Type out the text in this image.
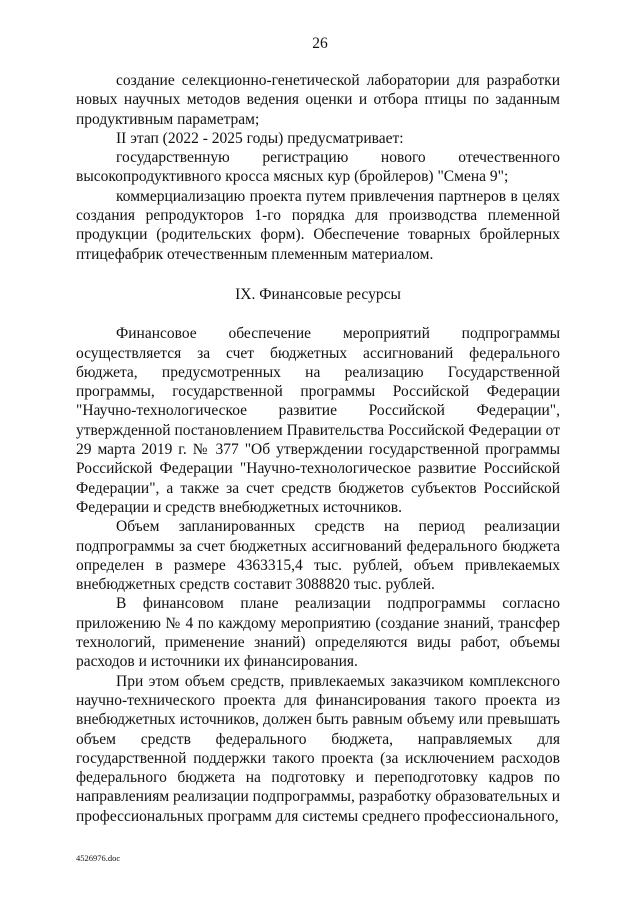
26

создание селекционно-генетической лаборатории для разработки новых научных методов ведения оценки и отбора птицы по заданным продуктивным параметрам;

II этап (2022 - 2025 годы) предусматривает:

государственную регистрацию нового отечественного высокопродуктивного кросса мясных кур (бройлеров) "Смена 9";

коммерциализацию проекта путем привлечения партнеров в целях создания репродукторов 1-го порядка для производства племенной продукции (родительских форм). Обеспечение товарных бройлерных птицефабрик отечественным племенным материалом.

IX. Финансовые ресурсы

Финансовое обеспечение мероприятий подпрограммы осуществляется за счет бюджетных ассигнований федерального бюджета, предусмотренных на реализацию Государственной программы, государственной программы Российской Федерации "Научно-технологическое развитие Российской Федерации", утвержденной постановлением Правительства Российской Федерации от 29 марта 2019 г. № 377 "Об утверждении государственной программы Российской Федерации "Научно-технологическое развитие Российской Федерации", а также за счет средств бюджетов субъектов Российской Федерации и средств внебюджетных источников.

Объем запланированных средств на период реализации подпрограммы за счет бюджетных ассигнований федерального бюджета определен в размере 4363315,4 тыс. рублей, объем привлекаемых внебюджетных средств составит 3088820 тыс. рублей.

В финансовом плане реализации подпрограммы согласно приложению № 4 по каждому мероприятию (создание знаний, трансфер технологий, применение знаний) определяются виды работ, объемы расходов и источники их финансирования.

При этом объем средств, привлекаемых заказчиком комплексного научно-технического проекта для финансирования такого проекта из внебюджетных источников, должен быть равным объему или превышать объем средств федерального бюджета, направляемых для государственной поддержки такого проекта (за исключением расходов федерального бюджета на подготовку и переподготовку кадров по направлениям реализации подпрограммы, разработку образовательных и профессиональных программ для системы среднего профессионального,

4526976.doc
